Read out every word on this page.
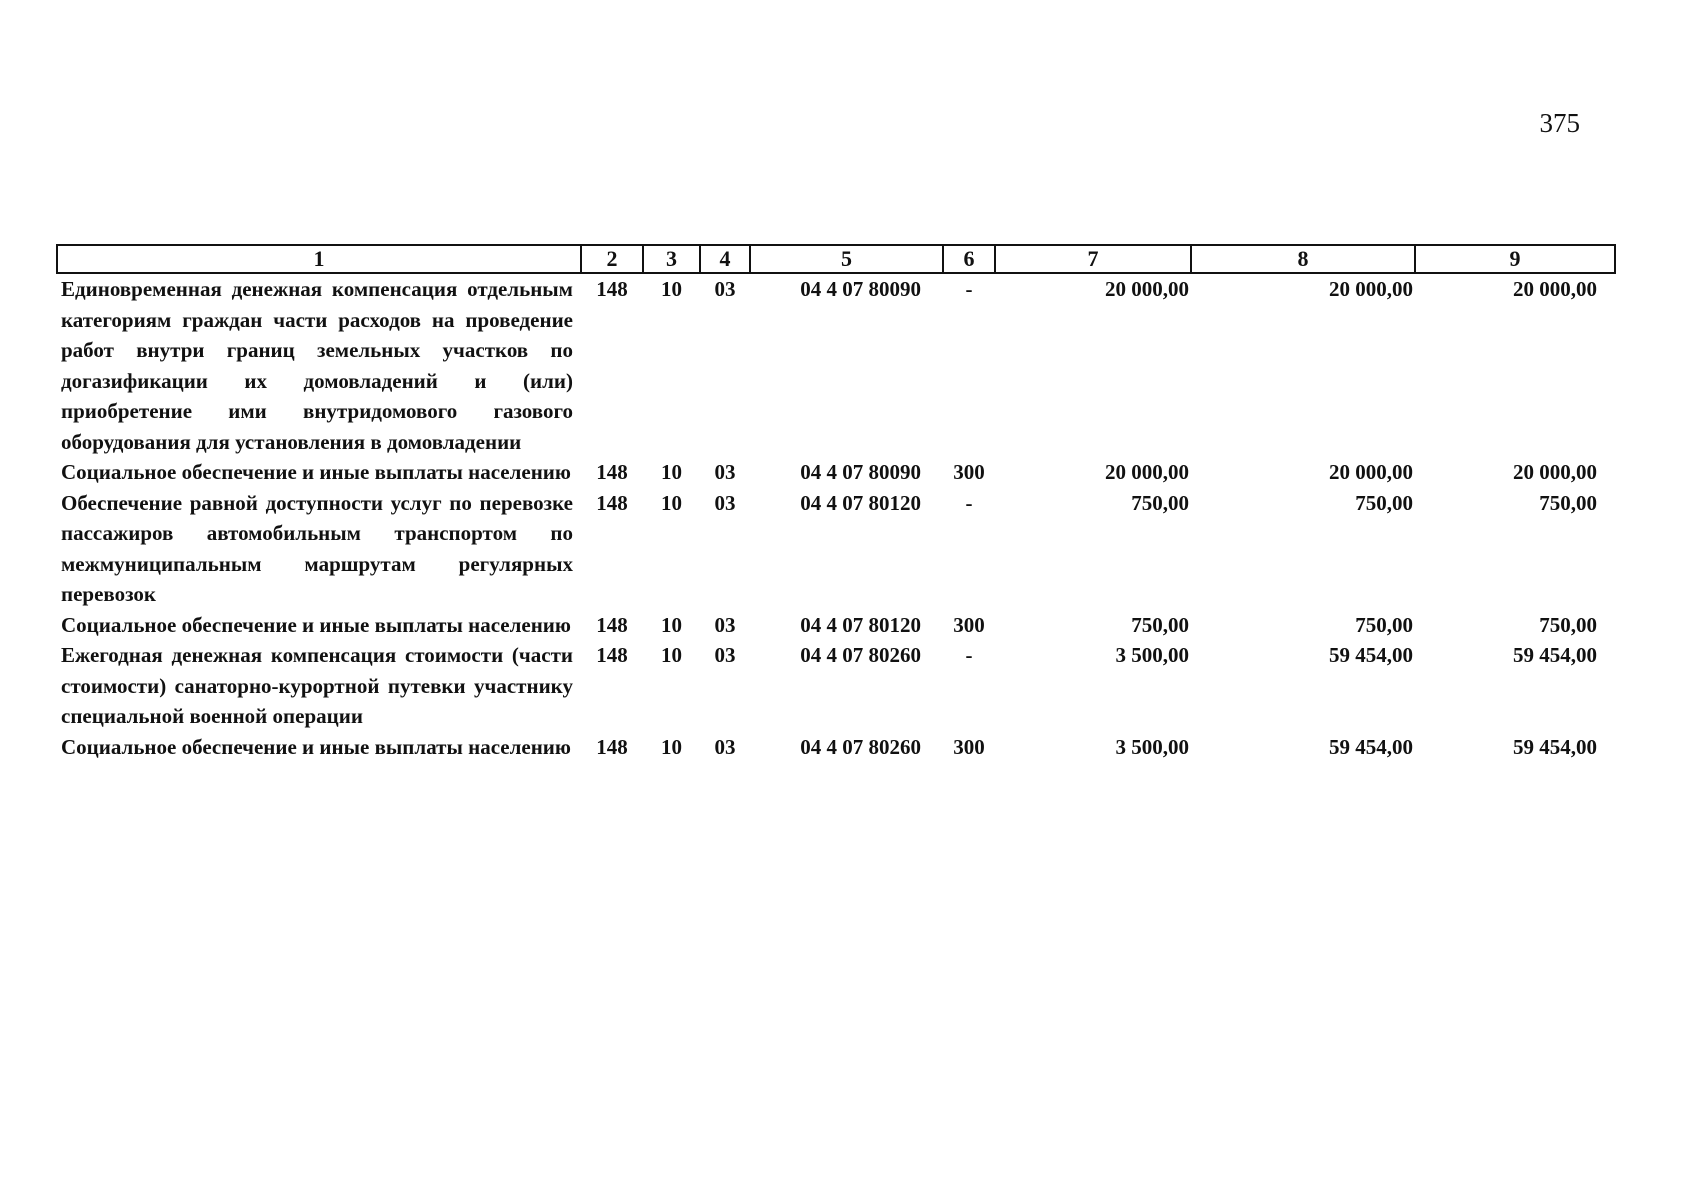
375
1	2	3	4	5	6	7	8	9
Единовременная денежная компенсация отдельным категориям граждан части расходов на проведение работ внутри границ земельных участков по догазификации их домовладений и (или) приобретение ими внутридомового газового оборудования для установления в домовладении	148	10	03	04 4 07 80090	-	20 000,00	20 000,00	20 000,00
Социальное обеспечение и иные выплаты населению	148	10	03	04 4 07 80090	300	20 000,00	20 000,00	20 000,00
Обеспечение равной доступности услуг по перевозке пассажиров автомобильным транспортом по межмуниципальным маршрутам регулярных перевозок	148	10	03	04 4 07 80120	-	750,00	750,00	750,00
Социальное обеспечение и иные выплаты населению	148	10	03	04 4 07 80120	300	750,00	750,00	750,00
Ежегодная денежная компенсация стоимости (части стоимости) санаторно-курортной путевки участнику специальной военной операции	148	10	03	04 4 07 80260	-	3 500,00	59 454,00	59 454,00
Социальное обеспечение и иные выплаты населению	148	10	03	04 4 07 80260	300	3 500,00	59 454,00	59 454,00
